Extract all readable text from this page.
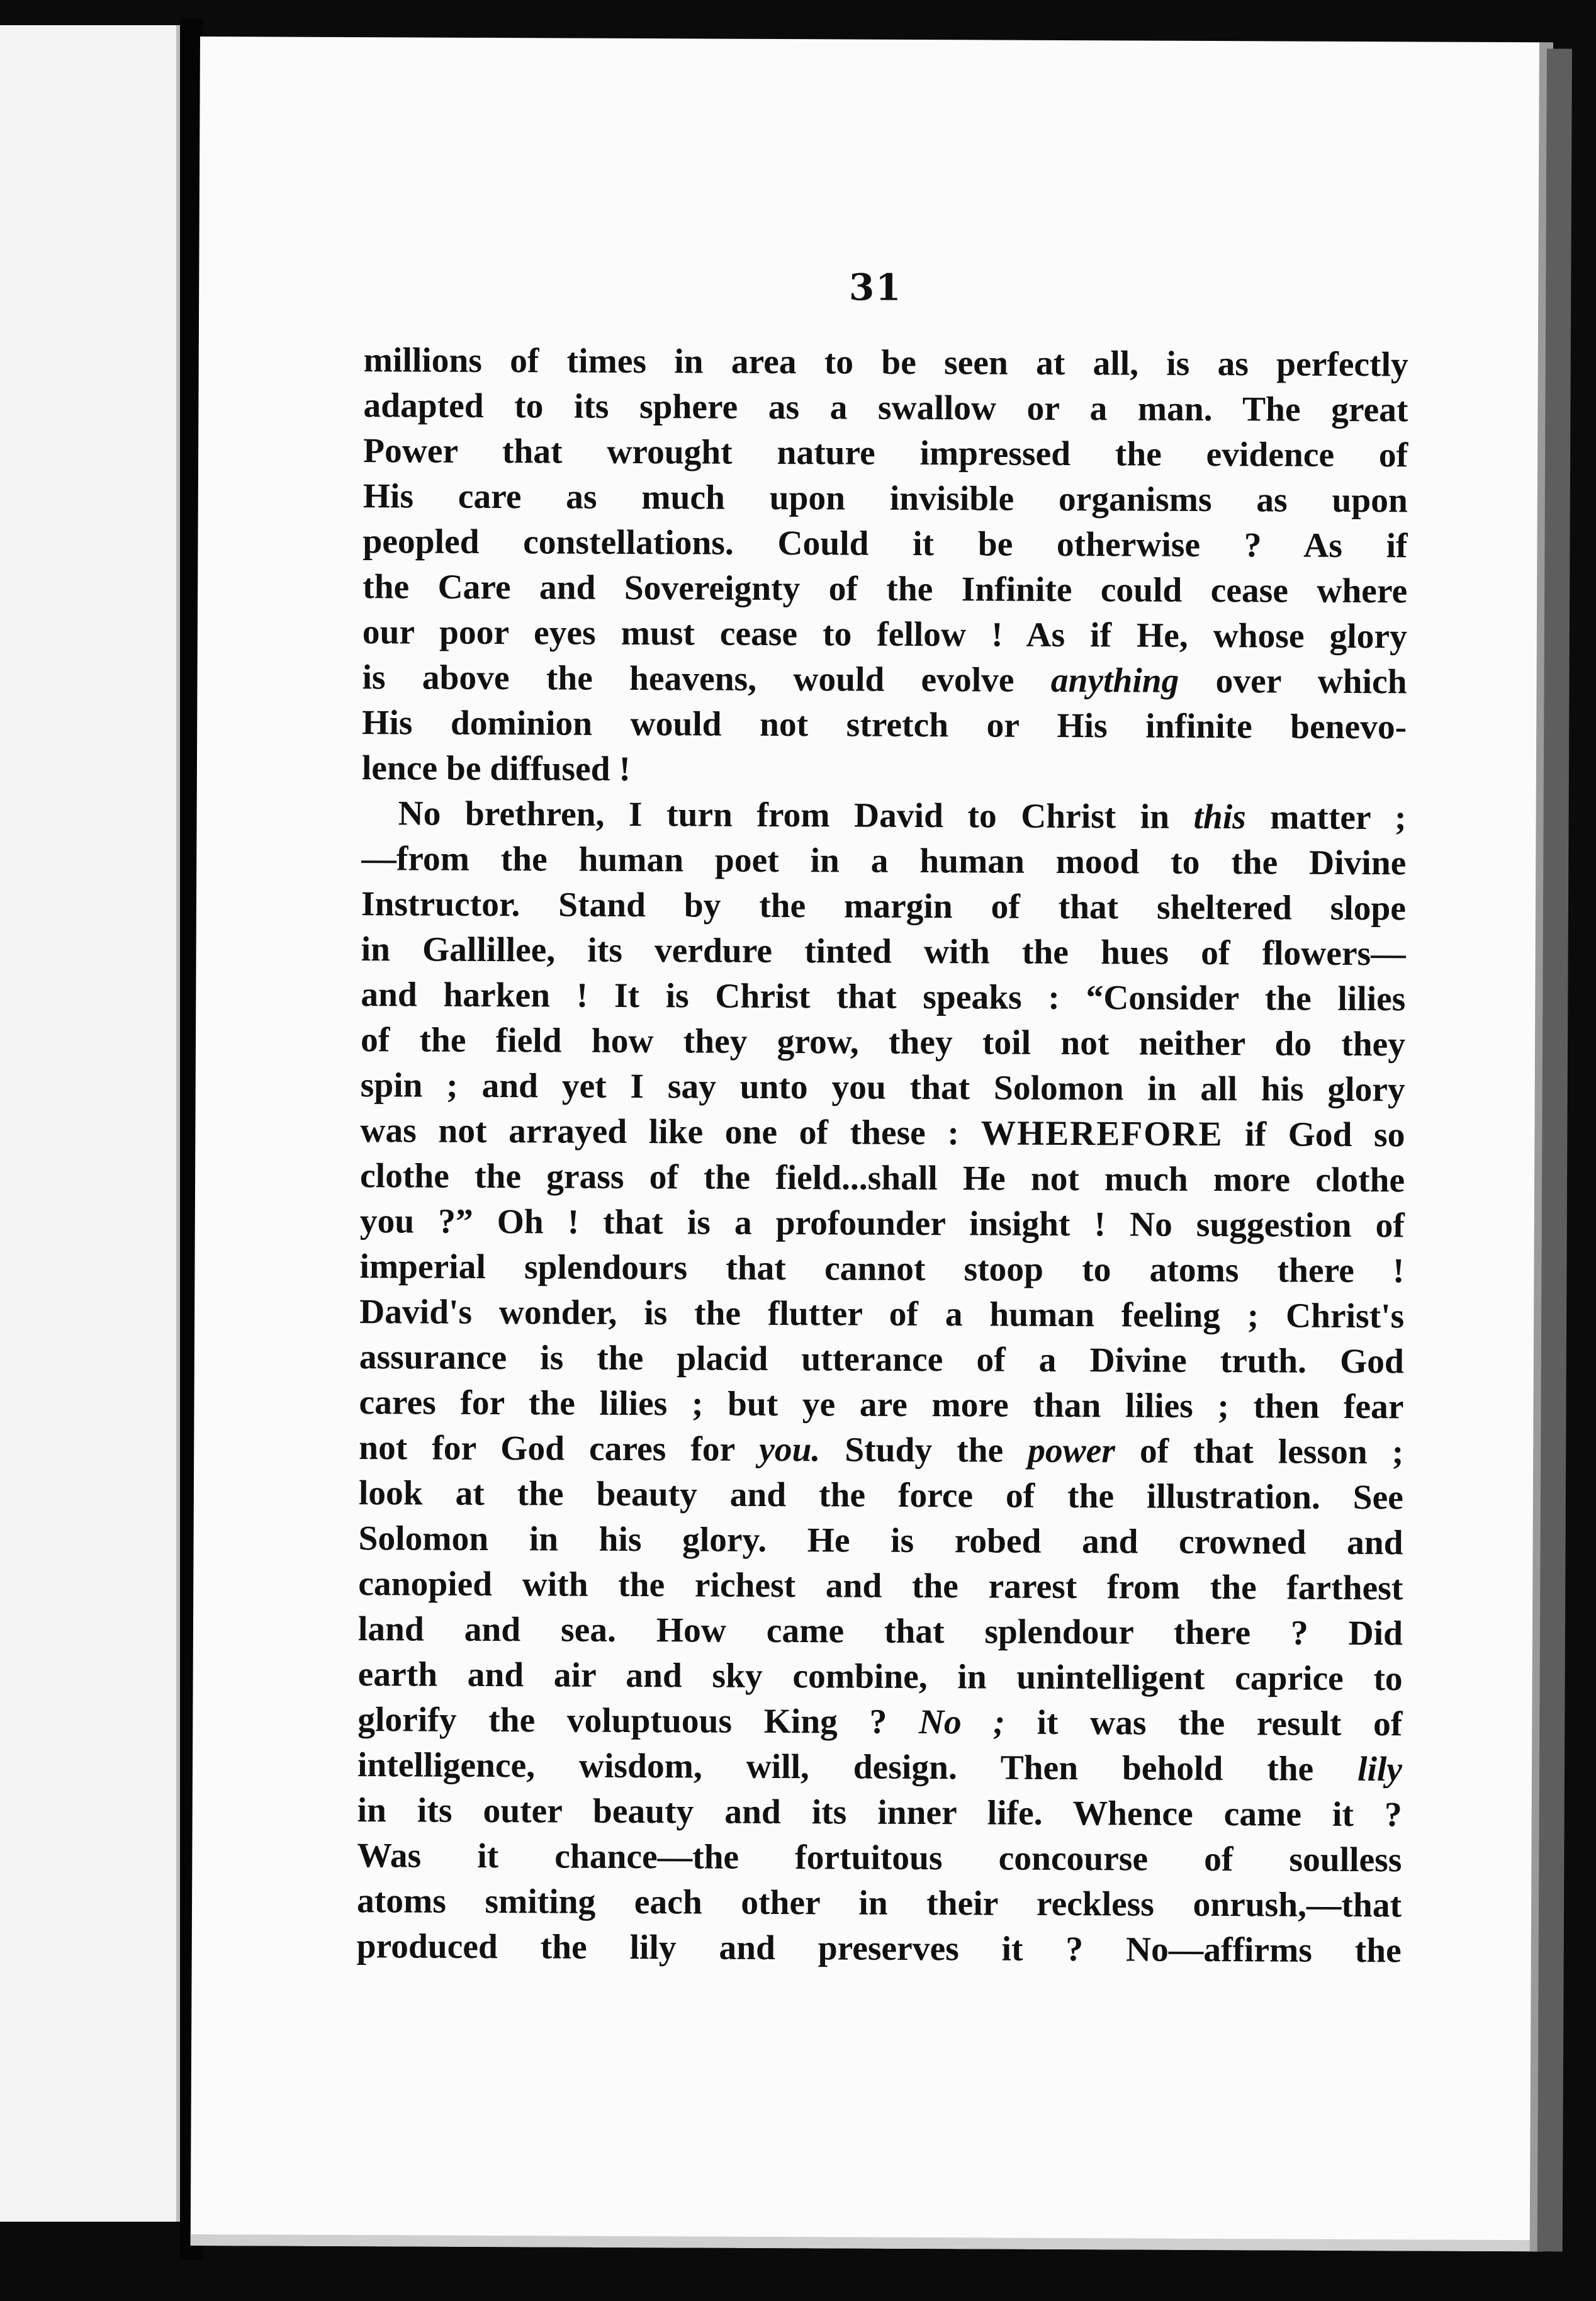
31
millions of times in area to be seen at all, is as perfectly
adapted to its sphere as a swallow or a man. The great
Power that wrought nature impressed the evidence of
His care as much upon invisible organisms as upon
peopled constellations. Could it be otherwise ? As if
the Care and Sovereignty of the Infinite could cease where
our poor eyes must cease to fellow ! As if He, whose glory
is above the heavens, would evolve anything over which
His dominion would not stretch or His infinite benevo-
lence be diffused !
No brethren, I turn from David to Christ in this matter ;
—from the human poet in a human mood to the Divine
Instructor. Stand by the margin of that sheltered slope
in Gallillee, its verdure tinted with the hues of flowers—
and harken ! It is Christ that speaks : “Consider the lilies
of the field how they grow, they toil not neither do they
spin ; and yet I say unto you that Solomon in all his glory
was not arrayed like one of these : WHEREFORE if God so
clothe the grass of the field...shall He not much more clothe
you ?” Oh ! that is a profounder insight ! No suggestion of
imperial splendours that cannot stoop to atoms there !
David's wonder, is the flutter of a human feeling ; Christ's
assurance is the placid utterance of a Divine truth. God
cares for the lilies ; but ye are more than lilies ; then fear
not for God cares for you. Study the power of that lesson ;
look at the beauty and the force of the illustration. See
Solomon in his glory. He is robed and crowned and
canopied with the richest and the rarest from the farthest
land and sea. How came that splendour there ? Did
earth and air and sky combine, in unintelligent caprice to
glorify the voluptuous King ? No ; it was the result of
intelligence, wisdom, will, design. Then behold the lily
in its outer beauty and its inner life. Whence came it ?
Was it chance—the fortuitous concourse of soulless
atoms smiting each other in their reckless onrush,—that
produced the lily and preserves it ? No—affirms the
